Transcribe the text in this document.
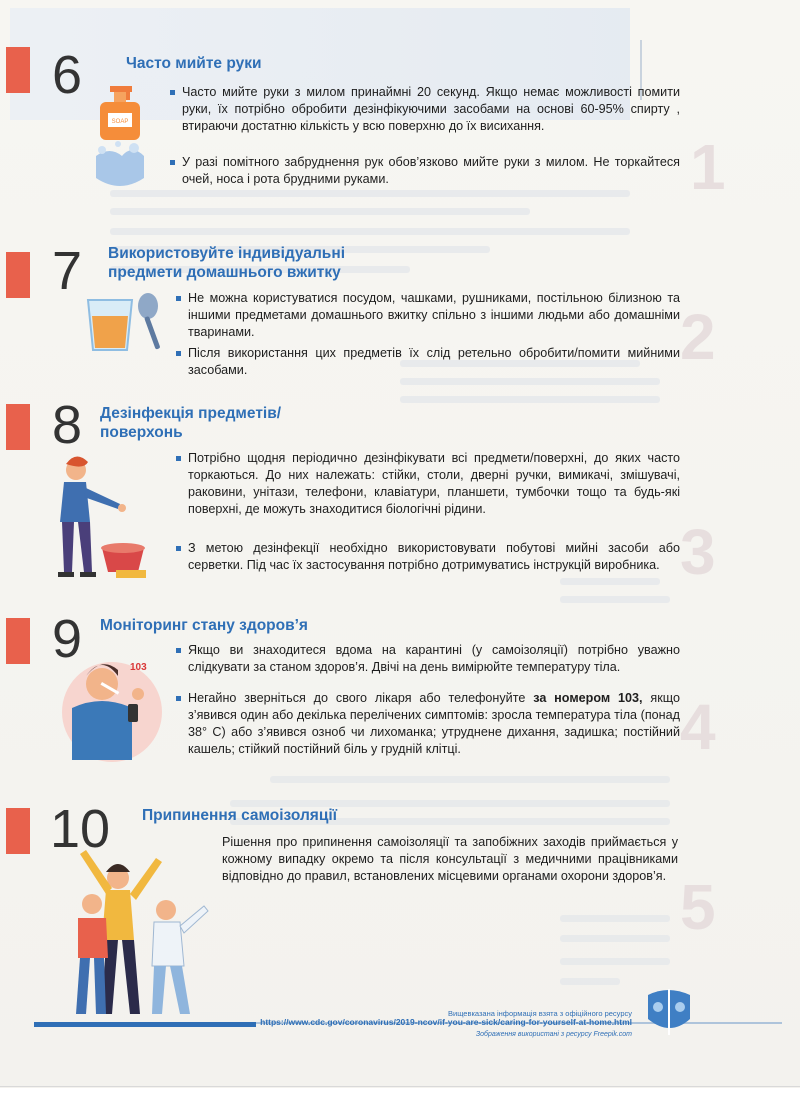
1
2
3
4
5
6	Часто мийте руки
SOAP
Часто мийте руки з милом принаймні 20 секунд. Якщо немає можливості помити руки, їх потрібно обробити дезінфікуючими засобами на основі 60-95% спирту , втираючи достатню кількість у всю поверхню до їх висихання.
У разі помітного забруднення рук обов’язково мийте руки з милом. Не торкайтеся очей, носа і рота брудними руками.
7 Використовуйте індивідуальні
предмети домашнього вжитку
Не можна користуватися посудом, чашками, рушниками, постільною білизною та іншими предметами домашнього вжитку спільно з іншими людьми або домашніми тваринами.
Після використання цих предметів їх слід ретельно обробити/помити мийними засобами.
8 Дезінфекція предметів/
поверхонь
Потрібно щодня періодично дезінфікувати всі предмети/поверхні, до яких часто торкаються. До них належать: стійки, столи, дверні ручки, вимикачі, змішувачі, раковини, унітази, телефони, клавіатури, планшети, тумбочки тощо та будь-які поверхні, де можуть знаходитися біологічні рідини.
З метою дезінфекції необхідно використовувати побутові мийні засоби або серветки. Під час їх застосування потрібно дотримуватись інструкцій виробника.
9 Моніторинг стану здоров’я
103
Якщо ви знаходитеся вдома на карантині (у самоізоляції) потрібно уважно слідкувати за станом здоров’я. Двічі на день вимірюйте температуру тіла.
Негайно зверніться до свого лікаря або телефонуйте за номером 103, якщо з’явився один або декілька перелічених симптомів: зросла температура тіла (понад 38° С) або з’явився озноб чи лихоманка; утруднене дихання, задишка; постійний кашель; стійкий постійний біль у грудній клітці.
10 Припинення самоізоляції
Рішення про припинення самоізоляції та запобіжних заходів приймається у кожному випадку окремо та після консультації з медичними працівниками відповідно до правил, встановлених місцевими органами охорони здоров’я.
Вищевказана інформація взята з офіційного ресурсу
https://www.cdc.gov/coronavirus/2019-ncov/if-you-are-sick/caring-for-yourself-at-home.html
Зображення використані з ресурсу Freepik.com
